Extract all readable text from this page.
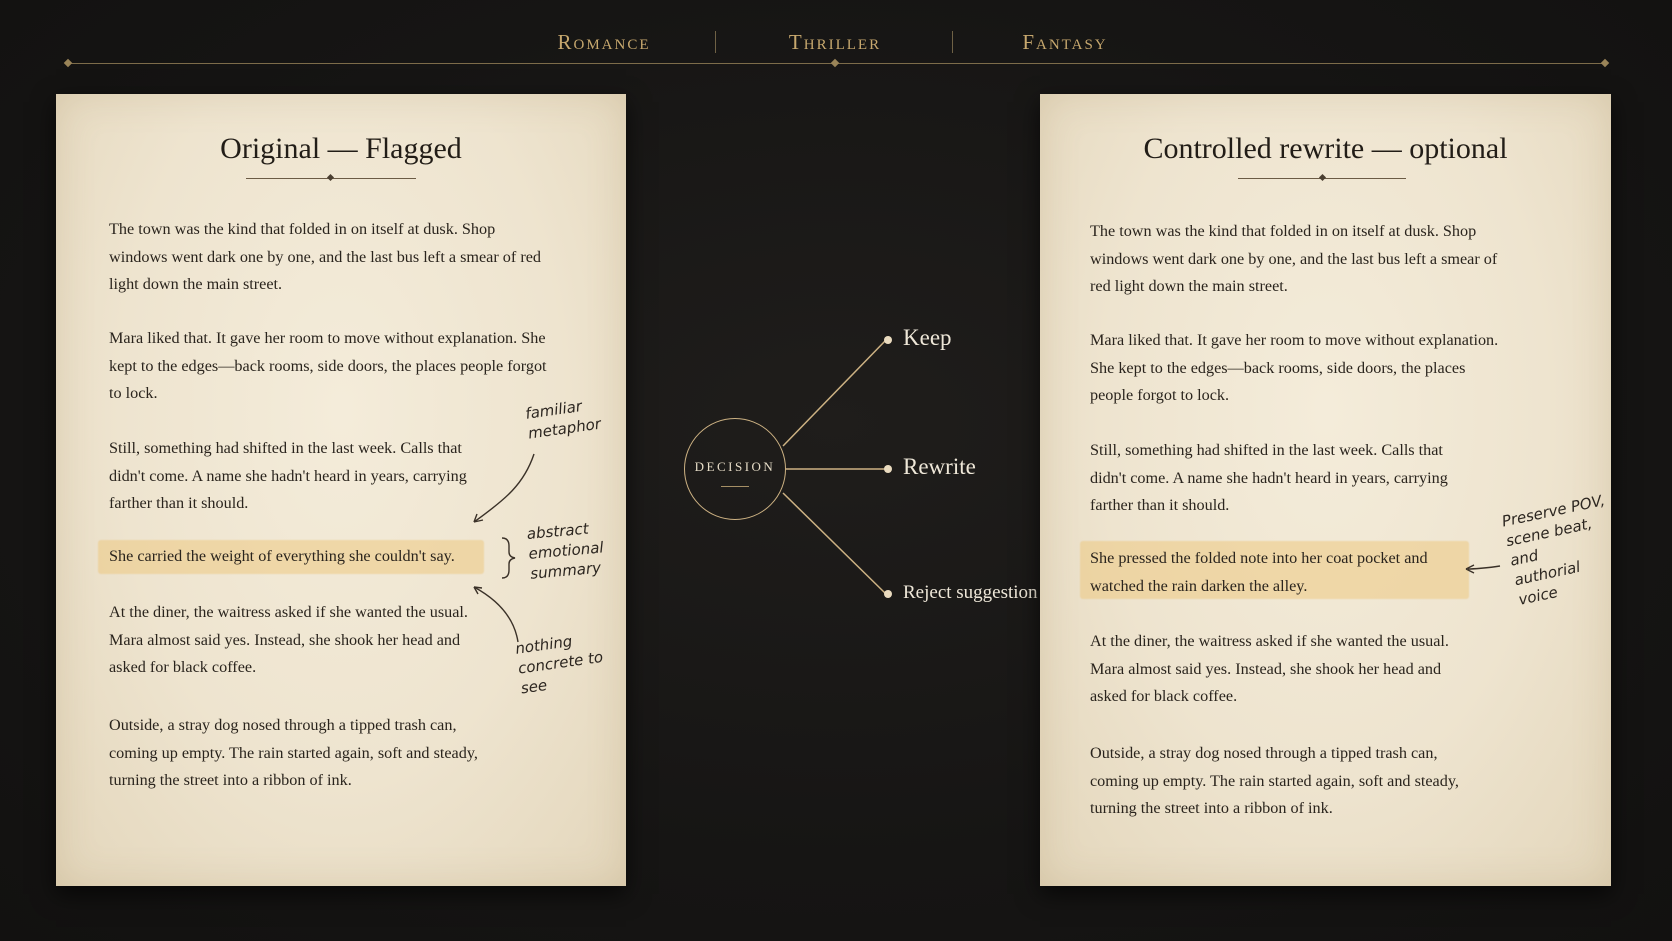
Romance	Thriller	Fantasy
Original — Flagged
The town was the kind that folded in on itself at dusk. Shop windows went dark one by one, and the last bus left a smear of red light down the main street.
Mara liked that. It gave her room to move without explanation. She kept to the edges—back rooms, side doors, the places people forgot to lock.
Still, something had shifted in the last week. Calls that didn't come. A name she hadn't heard in years, carrying farther than it should.
She carried the weight of everything she couldn't say.
At the diner, the waitress asked if she wanted the usual. Mara almost said yes. Instead, she shook her head and asked for black coffee.
Outside, a stray dog nosed through a tipped trash can, coming up empty. The rain started again, soft and steady, turning the street into a ribbon of ink.
familiar
metaphor
abstract
emotional
summary
nothing
concrete to see
DECISION
Keep
Rewrite
Reject suggestion
Controlled rewrite — optional
The town was the kind that folded in on itself at dusk. Shop windows went dark one by one, and the last bus left a smear of red light down the main street.
Mara liked that. It gave her room to move without explanation. She kept to the edges—back rooms, side doors, the places people forgot to lock.
Still, something had shifted in the last week. Calls that didn't come. A name she hadn't heard in years, carrying farther than it should.
She pressed the folded note into her coat pocket and watched the rain darken the alley.
At the diner, the waitress asked if she wanted the usual. Mara almost said yes. Instead, she shook her head and asked for black coffee.
Outside, a stray dog nosed through a tipped trash can, coming up empty. The rain started again, soft and steady, turning the street into a ribbon of ink.
Preserve POV,
scene beat, and
authorial voice
